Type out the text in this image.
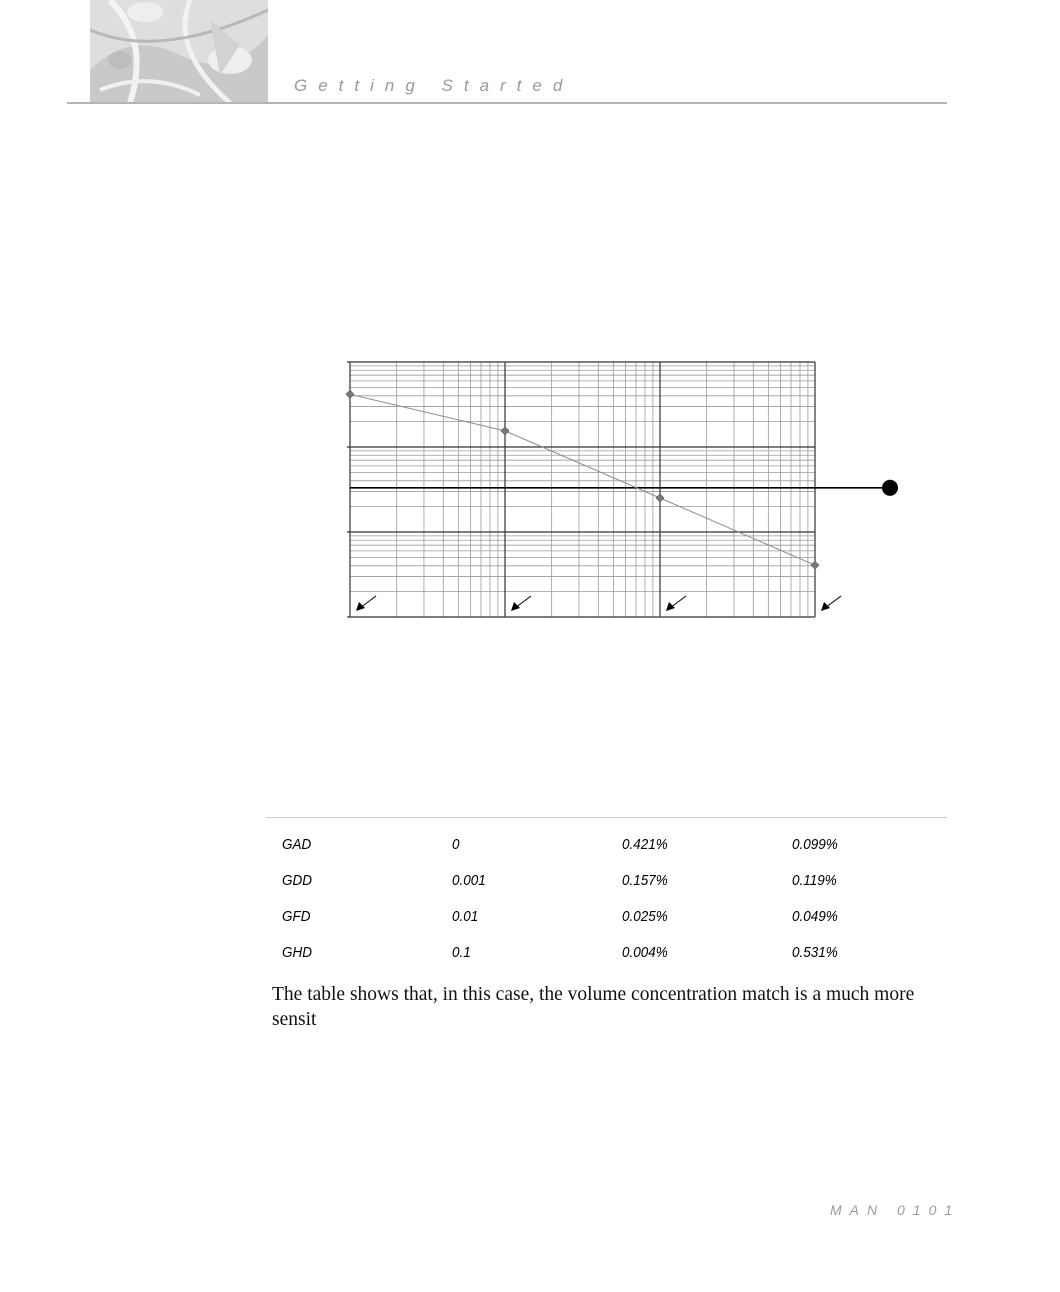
Getting Started
GAD	0	0.421%	0.099%
GDD	0.001	0.157%	0.119%
GFD	0.01	0.025%	0.049%
GHD	0.1	0.004%	0.531%
The table shows that, in this case, the volume concentration match is a much more sensit
MAN 0101
